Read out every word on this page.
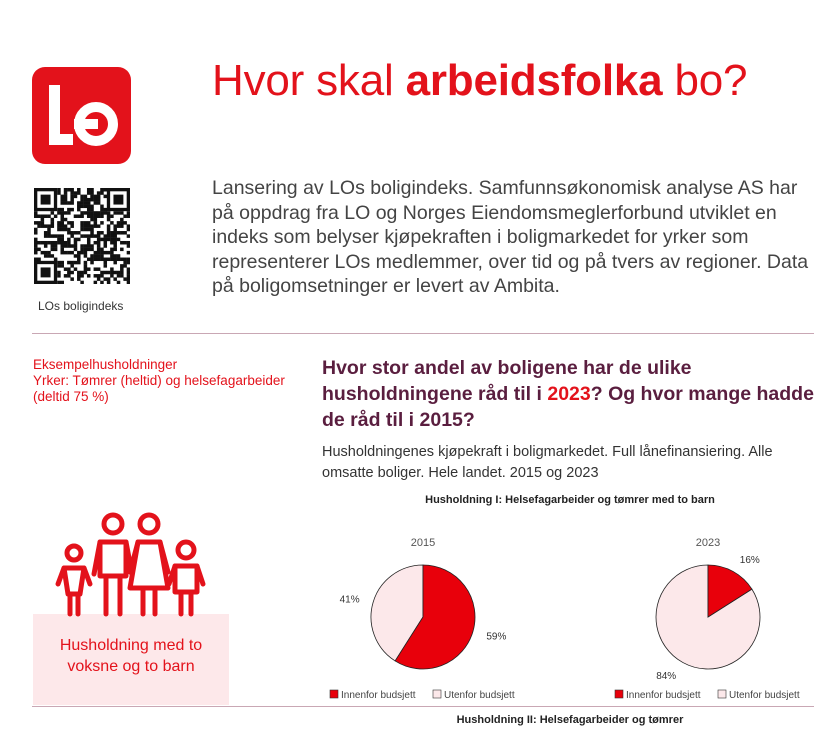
LOs boligindeks
Hvor skal arbeidsfolka bo?
Lansering av LOs boligindeks. Samfunnsøkonomisk analyse AS har på oppdrag fra LO og Norges Eiendomsmeglerforbund utviklet en indeks som belyser kjøpekraften i boligmarkedet for yrker som representerer LOs medlemmer, over tid og på tvers av regioner. Data på boligomsetninger er levert av Ambita.
Eksempelhusholdninger
Yrker: Tømrer (heltid) og helsefagarbeider (deltid 75 %)
Husholdning med to voksne og to barn
Hvor stor andel av boligene har de ulike husholdningene råd til i 2023? Og hvor mange hadde de råd til i 2015?
Husholdningenes kjøpekraft i boligmarkedet. Full lånefinansiering. Alle omsatte boliger. Hele landet. 2015 og 2023
Husholdning I: Helsefagarbeider og tømrer med to barn
2015
59%
41%
Innenfor budsjett	Utenfor budsjett
2023
16%
84%
Innenfor budsjett	Utenfor budsjett
Husholdning II: Helsefagarbeider og tømrer
